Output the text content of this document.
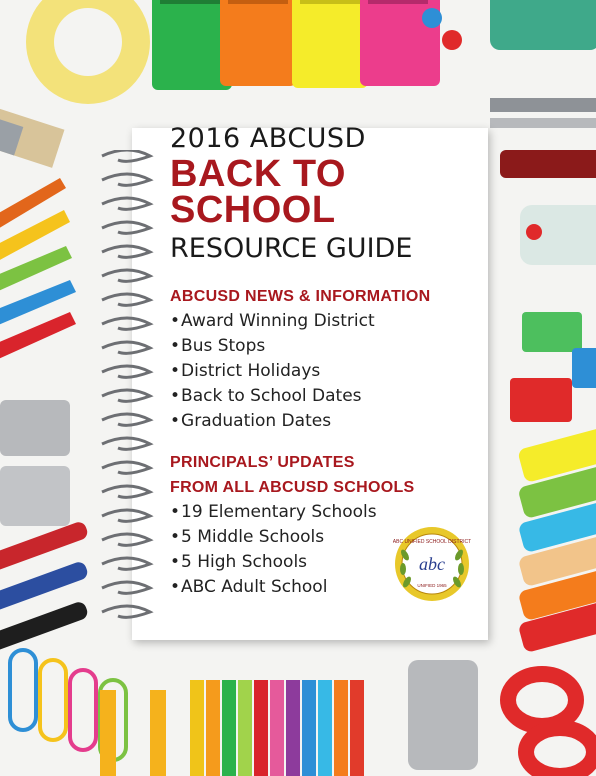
2016 ABCUSD
BACK TO
SCHOOL
RESOURCE GUIDE
ABCUSD NEWS & INFORMATION
• Award Winning District
• Bus Stops
• District Holidays
• Back to School Dates
• Graduation Dates
PRINCIPALS’ UPDATES
FROM ALL ABCUSD SCHOOLS
• 19 Elementary Schools
• 5 Middle Schools
• 5 High Schools
• ABC Adult School
abc
ABC UNIFIED SCHOOL DISTRICT
UNIFIED 1965
